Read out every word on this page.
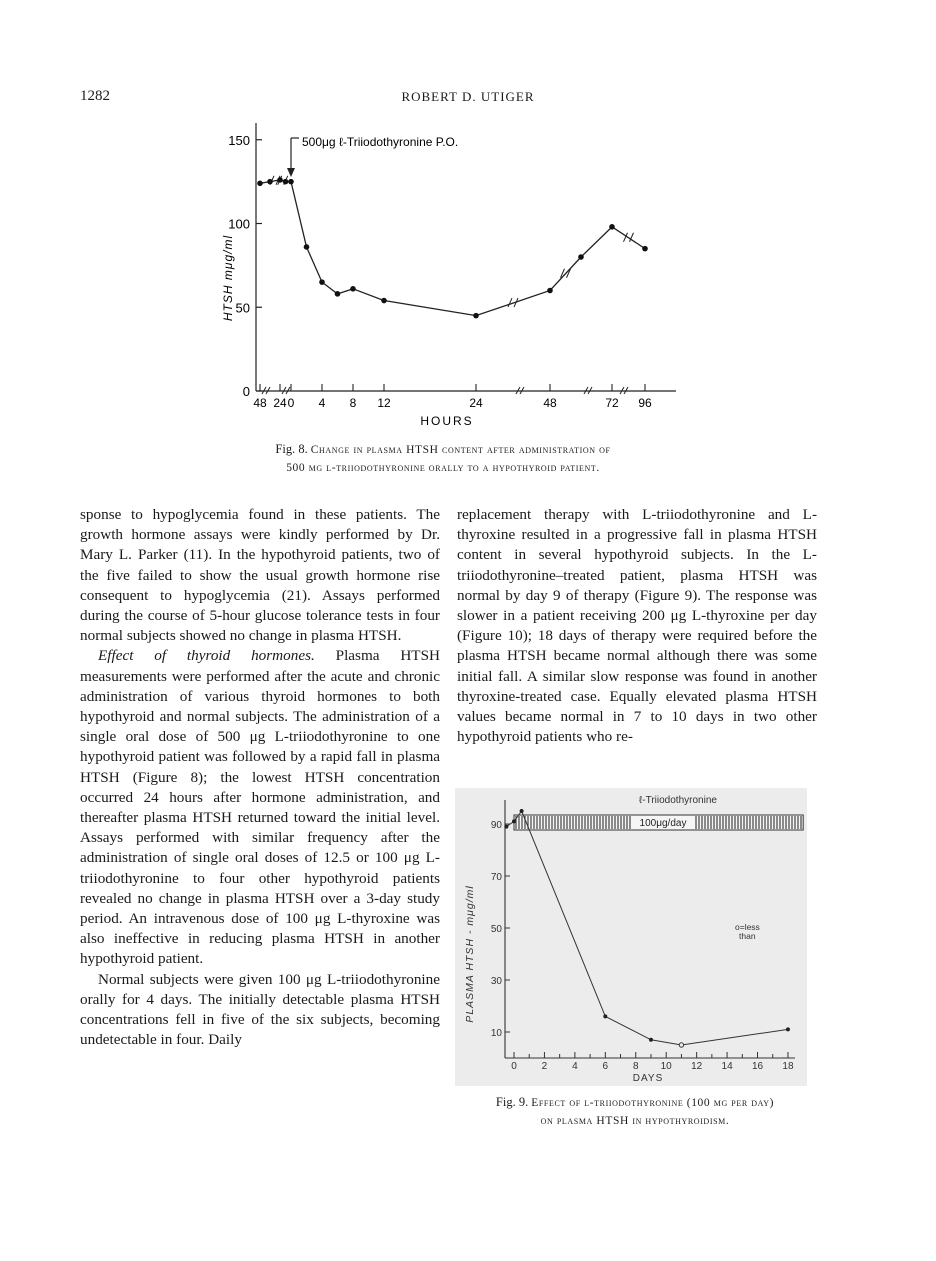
1282	ROBERT D. UTIGER
0
50
100
150
48 24 0 4 8 12	24	48	72 96
HTSH mμg/ml
HOURS
500μg ℓ-Triiodothyronine P.O.
Fig. 8. Change in plasma HTSH content after administration of
500 μg l-triiodothyronine orally to a hypothyroid patient.
ℓ-Triiodothyronine
100μg/day
10
30
50
70
90
0 2 4 6 8 10 12 14 16 18
PLASMA HTSH - mμg/ml
DAYS
o=less
than
Fig. 9. Effect of l-triiodothyronine (100 μg per day)
on plasma HTSH in hypothyroidism.

sponse to hypoglycemia found in these patients. The growth hormone assays were kindly performed by Dr. Mary L. Parker (11). In the hypothyroid patients, two of the five failed to show the usual growth hormone rise consequent to hypoglycemia (21). Assays performed during the course of 5-hour glucose tolerance tests in four normal subjects showed no change in plasma HTSH.

Effect of thyroid hormones. Plasma HTSH measurements were performed after the acute and chronic administration of various thyroid hormones to both hypothyroid and normal subjects. The administration of a single oral dose of 500 μg L-triiodothyronine to one hypothyroid patient was followed by a rapid fall in plasma HTSH (Figure 8); the lowest HTSH concentration occurred 24 hours after hormone administration, and thereafter plasma HTSH returned toward the initial level. Assays performed with similar frequency after the administration of single oral doses of 12.5 or 100 μg L-triiodothyronine to four other hypothyroid patients revealed no change in plasma HTSH over a 3-day study period. An intravenous dose of 100 μg L-thyroxine was also ineffective in reducing plasma HTSH in another hypothyroid patient.

Normal subjects were given 100 μg L-triiodothyronine orally for 4 days. The initially detectable plasma HTSH concentrations fell in five of the six subjects, becoming undetectable in four. Daily

replacement therapy with L-triiodothyronine and L-thyroxine resulted in a progressive fall in plasma HTSH content in several hypothyroid subjects. In the L-triiodothyronine–treated patient, plasma HTSH was normal by day 9 of therapy (Figure 9). The response was slower in a patient receiving 200 μg L-thyroxine per day (Figure 10); 18 days of therapy were required before the plasma HTSH became normal although there was some initial fall. A similar slow response was found in another thyroxine-treated case. Equally elevated plasma HTSH values became normal in 7 to 10 days in two other hypothyroid patients who re-
